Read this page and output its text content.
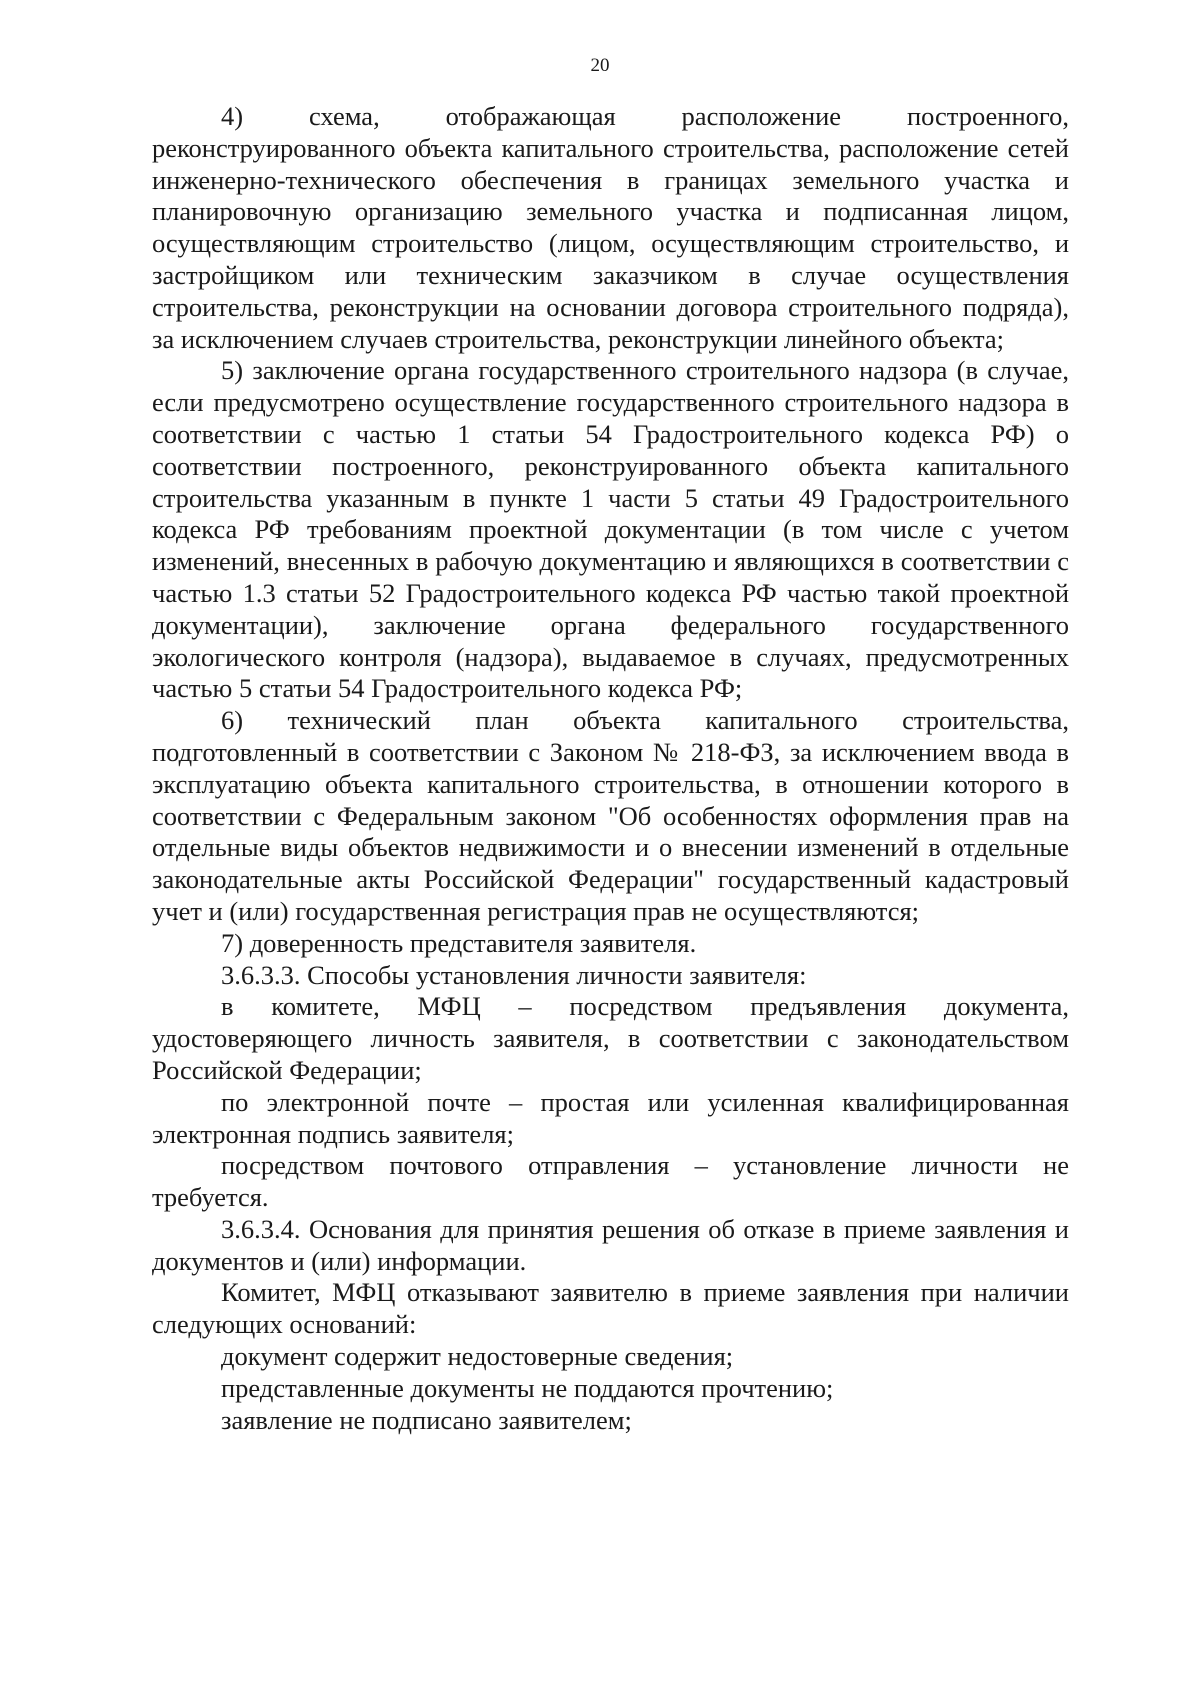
20

4) схема, отображающая расположение построенного, реконструированного объекта капитального строительства, расположение сетей инженерно-технического обеспечения в границах земельного участка и планировочную организацию земельного участка и подписанная лицом, осуществляющим строительство (лицом, осуществляющим строительство, и застройщиком или техническим заказчиком в случае осуществления строительства, реконструкции на основании договора строительного подряда), за исключением случаев строительства, реконструкции линейного объекта;

5) заключение органа государственного строительного надзора (в случае, если предусмотрено осуществление государственного строительного надзора в соответствии с частью 1 статьи 54 Градостроительного кодекса РФ) о соответствии построенного, реконструированного объекта капитального строительства указанным в пункте 1 части 5 статьи 49 Градостроительного кодекса РФ требованиям проектной документации (в том числе с учетом изменений, внесенных в рабочую документацию и являющихся в соответствии с частью 1.3 статьи 52 Градостроительного кодекса РФ частью такой проектной документации), заключение органа федерального государственного экологического контроля (надзора), выдаваемое в случаях, предусмотренных частью 5 статьи 54 Градостроительного кодекса РФ;

6) технический план объекта капитального строительства, подготовленный в соответствии с Законом № 218-ФЗ, за исключением ввода в эксплуатацию объекта капитального строительства, в отношении которого в соответствии с Федеральным законом "Об особенностях оформления прав на отдельные виды объектов недвижимости и о внесении изменений в отдельные законодательные акты Российской Федерации" государственный кадастровый учет и (или) государственная регистрация прав не осуществляются;

7) доверенность представителя заявителя.

3.6.3.3. Способы установления личности заявителя:

в комитете, МФЦ – посредством предъявления документа, удостоверяющего личность заявителя, в соответствии с законодательством Российской Федерации;

по электронной почте – простая или усиленная квалифицированная электронная подпись заявителя;

посредством почтового отправления – установление личности не требуется.

3.6.3.4. Основания для принятия решения об отказе в приеме заявления и документов и (или) информации.

Комитет, МФЦ отказывают заявителю в приеме заявления при наличии следующих оснований:

документ содержит недостоверные сведения;

представленные документы не поддаются прочтению;

заявление не подписано заявителем;
